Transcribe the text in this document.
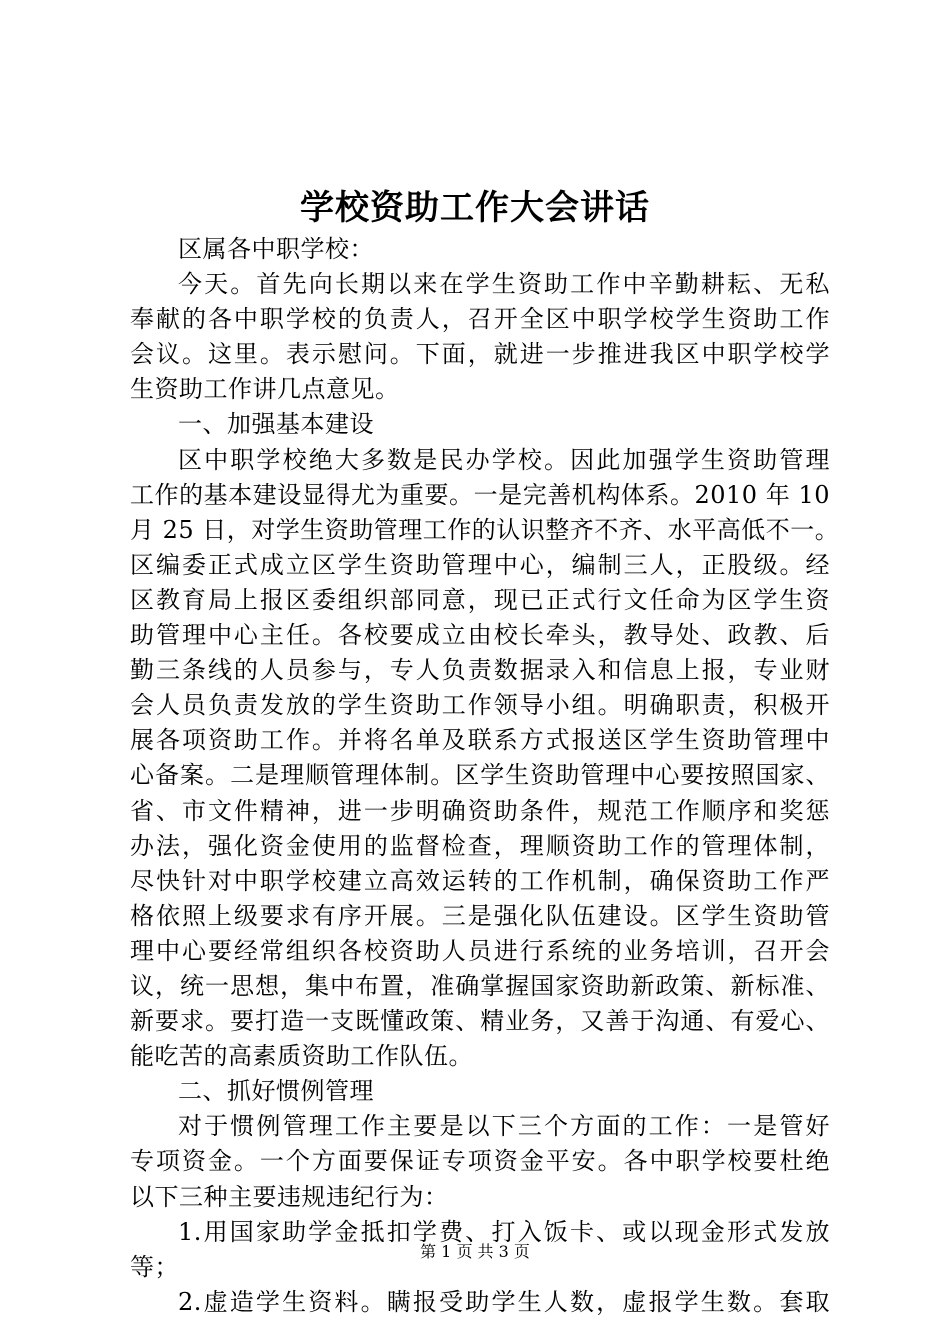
学校资助工作大会讲话
区属各中职学校：
今天。首先向长期以来在学生资助工作中辛勤耕耘、无私
奉献的各中职学校的负责人，召开全区中职学校学生资助工作
会议。这里。表示慰问。下面，就进一步推进我区中职学校学
生资助工作讲几点意见。
一、加强基本建设
区中职学校绝大多数是民办学校。因此加强学生资助管理
工作的基本建设显得尤为重要。一是完善机构体系。2010 年 10
月 25 日，对学生资助管理工作的认识整齐不齐、水平高低不一。
区编委正式成立区学生资助管理中心，编制三人，正股级。经
区教育局上报区委组织部同意，现已正式行文任命为区学生资
助管理中心主任。各校要成立由校长牵头，教导处、政教、后
勤三条线的人员参与，专人负责数据录入和信息上报，专业财
会人员负责发放的学生资助工作领导小组。明确职责，积极开
展各项资助工作。并将名单及联系方式报送区学生资助管理中
心备案。二是理顺管理体制。区学生资助管理中心要按照国家、
省、市文件精神，进一步明确资助条件，规范工作顺序和奖惩
办法，强化资金使用的监督检查，理顺资助工作的管理体制，
尽快针对中职学校建立高效运转的工作机制，确保资助工作严
格依照上级要求有序开展。三是强化队伍建设。区学生资助管
理中心要经常组织各校资助人员进行系统的业务培训，召开会
议，统一思想，集中布置，准确掌握国家资助新政策、新标准、
新要求。要打造一支既懂政策、精业务，又善于沟通、有爱心、
能吃苦的高素质资助工作队伍。
二、抓好惯例管理
对于惯例管理工作主要是以下三个方面的工作：一是管好
专项资金。一个方面要保证专项资金平安。各中职学校要杜绝
以下三种主要违规违纪行为：
1.用国家助学金抵扣学费、打入饭卡、或以现金形式发放
等；
2.虚造学生资料。瞒报受助学生人数，虚报学生数。套取
第 1 页 共 3 页
